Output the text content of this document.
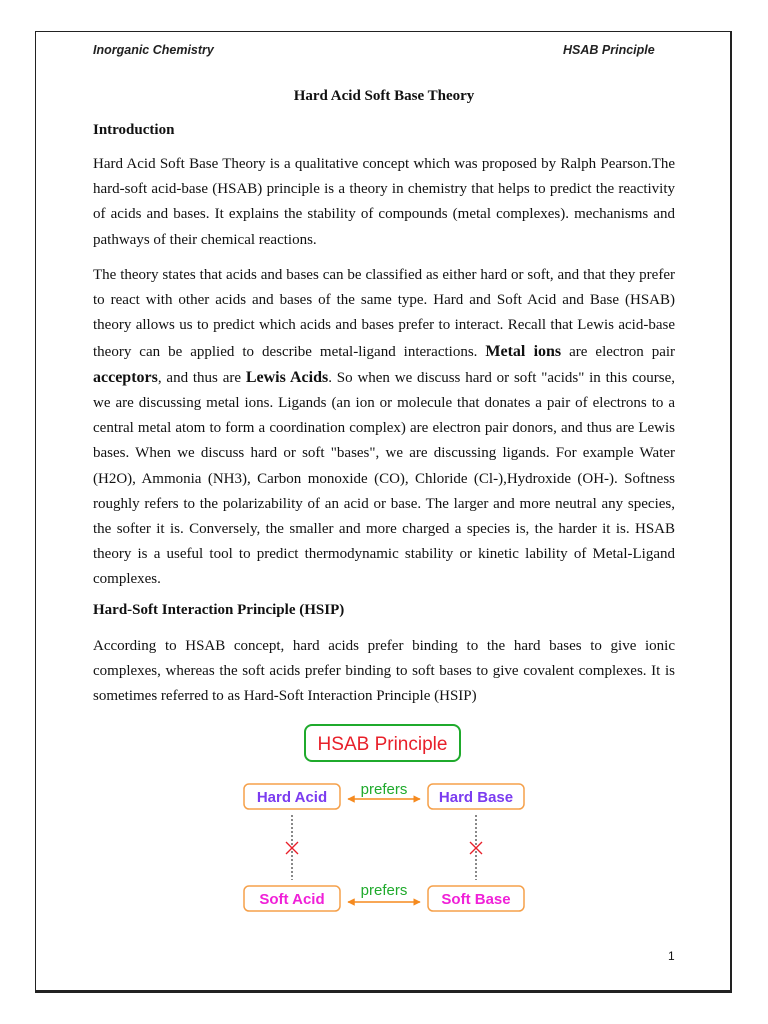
Inorganic Chemistry	HSAB Principle
Hard Acid Soft Base Theory
Introduction
Hard Acid Soft Base Theory is a qualitative concept which was proposed by Ralph Pearson.The hard-soft acid-base (HSAB) principle is a theory in chemistry that helps to predict the reactivity of acids and bases. It explains the stability of compounds (metal complexes). mechanisms and pathways of their chemical reactions.
The theory states that acids and bases can be classified as either hard or soft, and that they prefer to react with other acids and bases of the same type. Hard and Soft Acid and Base (HSAB) theory allows us to predict which acids and bases prefer to interact. Recall that Lewis acid-base theory can be applied to describe metal-ligand interactions. Metal ions are electron pair acceptors, and thus are Lewis Acids. So when we discuss hard or soft "acids" in this course, we are discussing metal ions. Ligands (an ion or molecule that donates a pair of electrons to a central metal atom to form a coordination complex) are electron pair donors, and thus are Lewis bases. When we discuss hard or soft "bases", we are discussing ligands. For example Water (H2O), Ammonia (NH3), Carbon monoxide (CO), Chloride (Cl-),Hydroxide (OH-). Softness roughly refers to the polarizability of an acid or base. The larger and more neutral any species, the softer it is. Conversely, the smaller and more charged a species is, the harder it is. HSAB theory is a useful tool to predict thermodynamic stability or kinetic lability of Metal-Ligand complexes.
Hard-Soft Interaction Principle (HSIP)
According to HSAB concept, hard acids prefer binding to the hard bases to give ionic complexes, whereas the soft acids prefer binding to soft bases to give covalent complexes. It is sometimes referred to as Hard-Soft Interaction Principle (HSIP)
HSAB Principle
Hard Acid	Hard Base
prefers
Soft Acid	Soft Base
prefers
1
